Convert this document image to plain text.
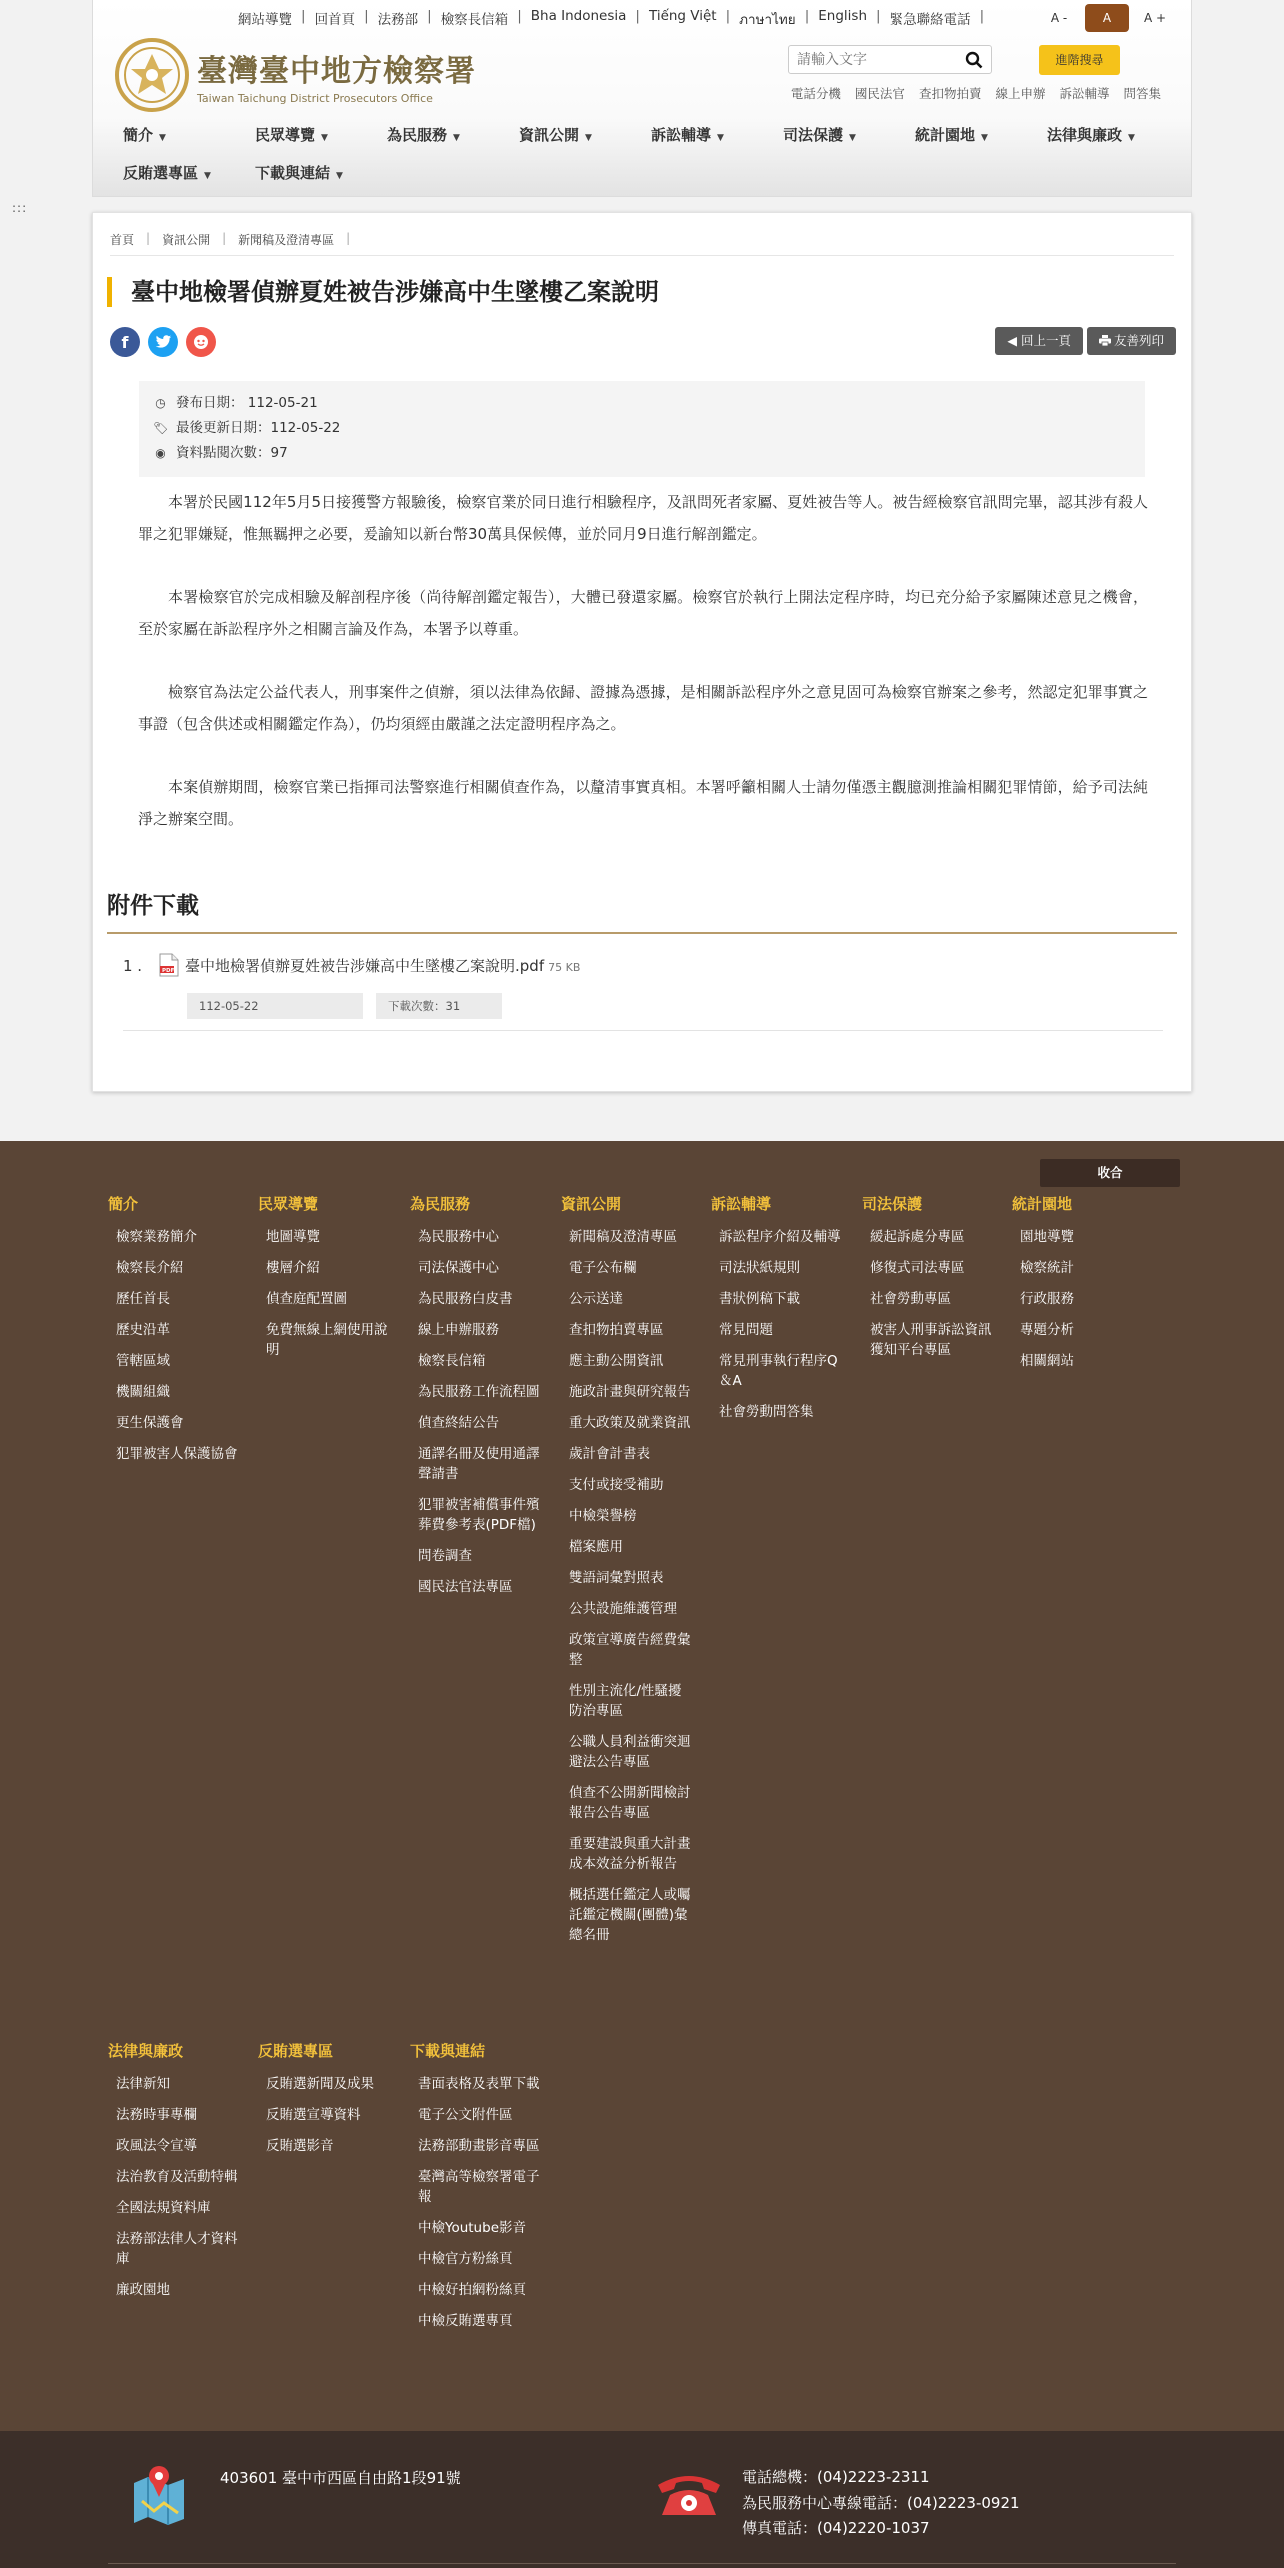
:::
網站導覽 | 回首頁 | 法務部 | 檢察長信箱 | Bha Indonesia | Tiếng Việt | ภาษาไทย | English | 緊急聯絡電話 |	A -	A	A +
臺灣臺中地方檢察署
Taiwan Taichung District Prosecutors Office
請輸入文字
進階搜尋
電話分機 國民法官 查扣物拍賣 線上申辦 訴訟輔導 問答集
簡介 ▼	民眾導覽 ▼	為民服務 ▼	資訊公開 ▼	訴訟輔導 ▼	司法保護 ▼	統計園地 ▼	法律與廉政 ▼
反賄選專區 ▼	下載與連結 ▼
首頁 | 資訊公開 | 新聞稿及澄清專區 |
臺中地檢署偵辦夏姓被告涉嫌高中生墜樓乙案說明
f	◀ 回上一頁	友善列印
◷ 發布日期： 112-05-21
🏷 最後更新日期：112-05-22
◉ 資料點閱次數：97

本署於民國112年5月5日接獲警方報驗後，檢察官業於同日進行相驗程序，及訊問死者家屬、夏姓被告等人。被告經檢察官訊問完畢，認其涉有殺人罪之犯罪嫌疑，惟無羈押之必要，爰諭知以新台幣30萬具保候傳，並於同月9日進行解剖鑑定。

本署檢察官於完成相驗及解剖程序後（尚待解剖鑑定報告），大體已發還家屬。檢察官於執行上開法定程序時，均已充分給予家屬陳述意見之機會，至於家屬在訴訟程序外之相關言論及作為，本署予以尊重。

檢察官為法定公益代表人，刑事案件之偵辦，須以法律為依歸、證據為憑據，是相關訴訟程序外之意見固可為檢察官辦案之參考，然認定犯罪事實之事證（包含供述或相關鑑定作為），仍均須經由嚴謹之法定證明程序為之。

本案偵辦期間，檢察官業已指揮司法警察進行相關偵查作為，以釐清事實真相。本署呼籲相關人士請勿僅憑主觀臆測推論相關犯罪情節，給予司法純淨之辦案空間。

附件下載
1 .	PDF 臺中地檢署偵辦夏姓被告涉嫌高中生墜樓乙案說明.pdf 75 KB
112-05-22	下載次數：31
收合
簡介
檢察業務簡介
檢察長介紹
歷任首長
歷史沿革
管轄區域
機關組織
更生保護會
犯罪被害人保護協會
民眾導覽
地圖導覽
樓層介紹
偵查庭配置圖
免費無線上網使用說明
為民服務
為民服務中心
司法保護中心
為民服務白皮書
線上申辦服務
檢察長信箱
為民服務工作流程圖
偵查終結公告
通譯名冊及使用通譯聲請書
犯罪被害補償事件殯葬費參考表(PDF檔)
問卷調查
國民法官法專區
資訊公開
新聞稿及澄清專區
電子公布欄
公示送達
查扣物拍賣專區
應主動公開資訊
施政計畫與研究報告
重大政策及就業資訊
歲計會計書表
支付或接受補助
中檢榮譽榜
檔案應用
雙語詞彙對照表
公共設施維護管理
政策宣導廣告經費彙整
性別主流化/性騷擾防治專區
公職人員利益衝突迴避法公告專區
偵查不公開新聞檢討報告公告專區
重要建設與重大計畫成本效益分析報告
概括選任鑑定人或囑託鑑定機關(團體)彙總名冊
訴訟輔導
訴訟程序介紹及輔導
司法狀紙規則
書狀例稿下載
常見問題
常見刑事執行程序Q＆A
社會勞動問答集
司法保護
緩起訴處分專區
修復式司法專區
社會勞動專區
被害人刑事訴訟資訊獲知平台專區
統計園地
園地導覽
檢察統計
行政服務
專題分析
相關網站
法律與廉政
法律新知
法務時事專欄
政風法令宣導
法治教育及活動特輯
全國法規資料庫
法務部法律人才資料庫
廉政園地
反賄選專區
反賄選新聞及成果
反賄選宣導資料
反賄選影音
下載與連結
書面表格及表單下載
電子公文附件區
法務部動畫影音專區
臺灣高等檢察署電子報
中檢Youtube影音
中檢官方粉絲頁
中檢好拍網粉絲頁
中檢反賄選專頁
403601 臺中市西區自由路1段91號	電話總機：(04)2223-2311
為民服務中心專線電話：(04)2223-0921
傳真電話：(04)2220-1037
